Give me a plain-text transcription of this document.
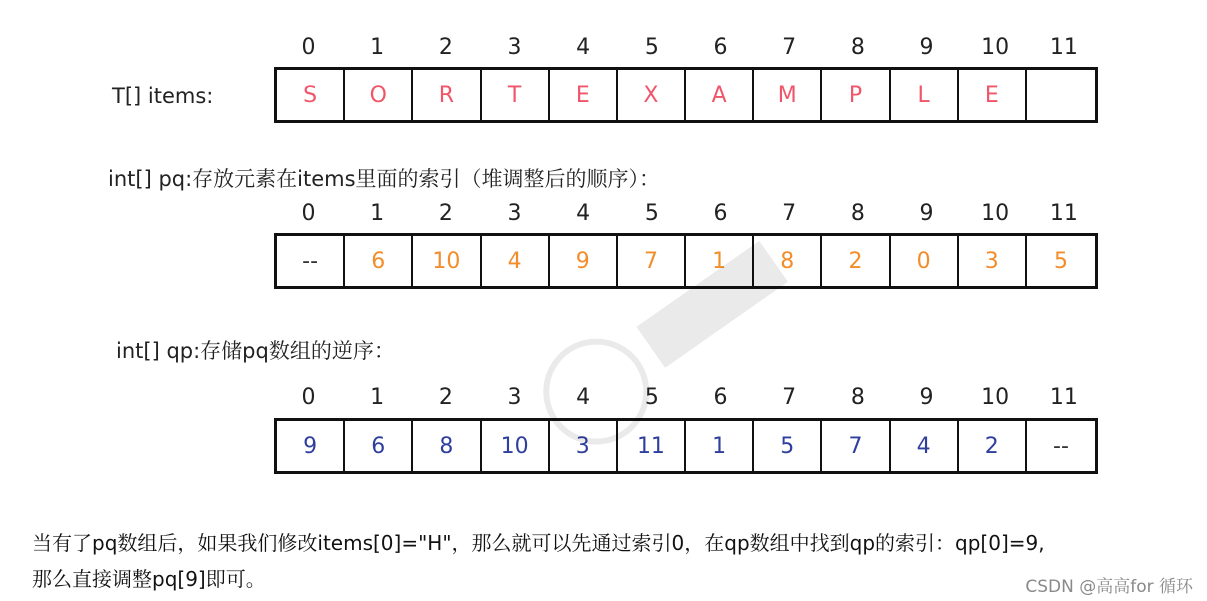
0	1	2	3	4	5	6	7	8	9	10	11
T[] items:	S	O	R	T	E	X	A	M	P	L	E
int[] pq:存放元素在items里面的索引（堆调整后的顺序）：
0	1	2	3	4	5	6	7	8	9	10	11
--	6	10	4	9	7	1	8	2	0	3	5
int[] qp:存储pq数组的逆序：
0	1	2	3	4	5	6	7	8	9	10	11
9	6	8	10	3	11	1	5	7	4	2	--
当有了pq数组后，如果我们修改items[0]="H"，那么就可以先通过索引0，在qp数组中找到qp的索引：qp[0]=9,
那么直接调整pq[9]即可。	CSDN @高高for 循环
